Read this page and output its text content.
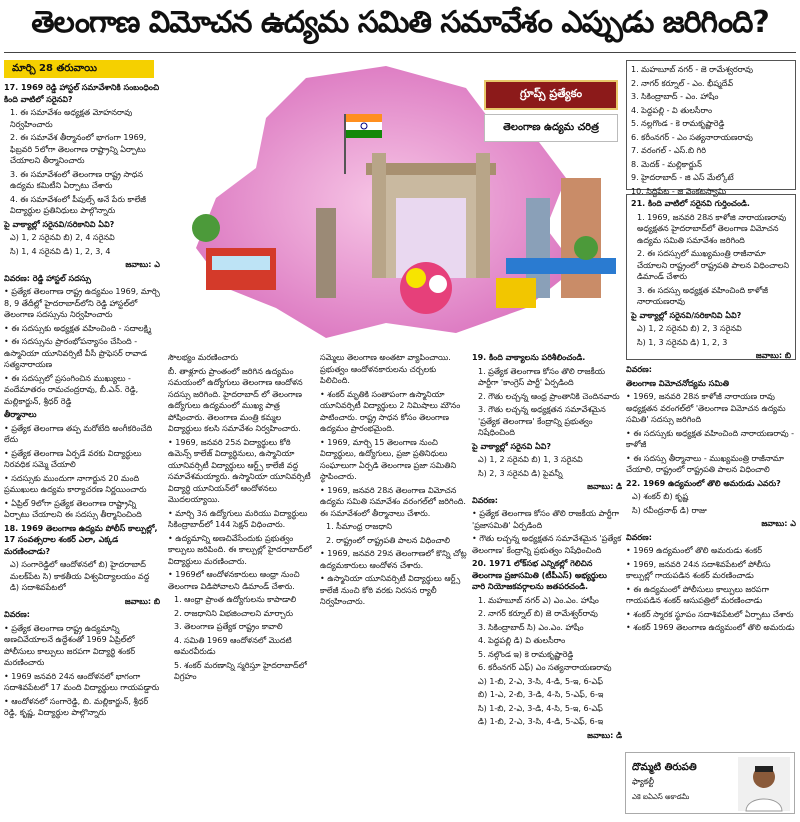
తెలంగాణ విమోచన ఉద్యమ సమితి సమావేశం ఎప్పుడు జరిగింది?
మార్చి 28 తరువాయి

17. 1969 రెడ్డి హాస్టల్ సమావేశానికి సంబంధించి కింది వాటిలో సరైనవి?

1. ఈ సమావేశం అధ్యక్షత మోహనరావు నిర్వహించారు

2. ఈ సమావేశ తీర్మానంలో భాగంగా 1969, ఫిబ్రవరి 5లోగా తెలంగాణ రాష్ట్రాన్ని ఏర్పాటు చేయాలని తీర్మానించారు

3. ఈ సమావేశంలో తెలంగాణ రాష్ట్ర సాధన ఉద్యమ కమిటీని ఏర్పాటు చేశారు

4. ఈ సమావేశంలో పీపుల్స్ అనే పేరు కాలేజీ విద్యార్థుల ప్రతినిధులు పాల్గొన్నారు

పై వాక్యాల్లో సరైనవి/సరికానివి ఏవి?

ఎ) 1, 2 సరైనవి బి) 2, 4 సరైనవి

సి) 1, 4 సరైనవి డి) 1, 2, 3, 4

జవాబు: ఎ

వివరణ: రెడ్డి హాస్టల్ సదస్సు

• ప్రత్యేక తెలంగాణ రాష్ట్ర ఉద్యమం 1969, మార్చి 8, 9 తేదీల్లో హైదరాబాద్‌లోని రెడ్డి హాస్టల్‌లో తెలంగాణ సదస్సును నిర్వహించారు

• ఈ సదస్సుకు అధ్యక్షత వహించింది - సదాలక్ష్మి

• ఈ సదస్సును ప్రారంభోపన్యాసం చేసింది - ఉస్మానియా యూనివర్సిటీ వీసీ ప్రొఫెసర్ రావాడ సత్యనారాయణ

• ఈ సదస్సులో ప్రసంగించిన ముఖ్యులు - వందేమాతరం రామచంద్రరావు, బీ.ఎన్. రెడ్డి, మల్లికార్జున్, శ్రీధర్ రెడ్డి

తీర్మానాలు

• ప్రత్యేక తెలంగాణ తప్ప మరోటేది అంగీకరించేది లేదు

• ప్రత్యేక తెలంగాణ ఏర్పడే వరకు విద్యార్థులు నిరవధిక సమ్మె చేయాలి

• సదస్సుకు ముందుగా నాగార్జున 20 మంది ప్రముఖులు ఉద్యమ కార్యాచరణ నిర్ణయించారు

• ఏప్రిల్ 9లోగా ప్రత్యేక తెలంగాణ రాష్ట్రాన్ని ఏర్పాటు చేయాలని ఈ సదస్సు తీర్మానించింది

18. 1969 తెలంగాణ ఉద్యమ పోలీస్ కాల్పుల్లో, 17 సంవత్సరాల శంకర్ ఎలా, ఎక్కడ మరణించాడు?

ఎ) సంగారెడ్డిలో ఆందోళనలో బి) హైదరాబాద్ మలక్‌పేట సి) కాకతీయ విశ్వవిద్యాలయం వద్ద డి) సదాశివపేటలో

జవాబు: బి

వివరణ:

• ప్రత్యేక తెలంగాణ రాష్ట్ర ఉద్యమాన్ని అణచివేయాలనే ఉద్దేశంతో 1969 ఏప్రిల్‌లో పోలీసులు కాల్పులు జరపగా విద్యార్థి శంకర్ మరణించారు

• 1969 జనవరి 24న ఆందోళనలో భాగంగా సదాశివపేటలో 17 మంది విద్యార్థులు గాయపడ్డారు

• ఆందోళనలో సంగారెడ్డి, బి. మల్లికార్జున్, శ్రీధర్ రెడ్డి, కృష్ణ, విద్యార్థుల పాల్గొన్నారు

గ్రూప్స్ ప్రత్యేకం
తెలంగాణ ఉద్యమ చరిత్ర

సౌలభ్యం మరణించారు

బీ. తాళ్లూరు ప్రాంతంలో జరిగిన ఉద్యమం సమయంలో ఉద్యోగులు తెలంగాణ ఆందోళన సదస్సు జరిగింది. హైదరాబాద్ లో తెలంగాణ ఉద్యోగులు ఉద్యమంలో ముఖ్య పాత్ర పోషించారు. తెలంగాణ మంత్రి కమ్మల విద్యార్థులు కలసి సమావేశం నిర్వహించారు.

• 1969, జనవరి 25న విద్యార్థులు కోఠి ఉమెన్స్ కాలేజ్ విద్యార్థినులు, ఉస్మానియా యూనివర్సిటీ విద్యార్థులు ఆర్ట్స్ కాలేజీ వద్ద సమావేశమయ్యారు. ఉస్మానియా యూనివర్సిటీ విద్యార్థి యూనియన్‌లో ఆందోళనలు మొదలయ్యాయి.

• మార్చి 3న ఉద్యోగులు మరియు విద్యార్థులు సికింద్రాబాద్‌లో 144 సెక్షన్ విధించారు.

• ఉద్యమాన్ని అణచివేసేందుకు ప్రభుత్వం కాల్పులు జరిపింది. ఈ కాల్పుల్లో హైదరాబాద్‌లో విద్యార్థులు మరణించారు.

• 1969లో ఆందోళనకారులు ఆంధ్రా నుంచి తెలంగాణ విడిపోవాలని డిమాండ్ చేశారు.

1. ఆంధ్రా ప్రాంత ఉద్యోగులను కాపాడాలి

2. రాజధానిని విభజించాలని మార్చారు

3. తెలంగాణ ప్రత్యేక రాష్ట్రం కావాలి

4. సమితి 1969 ఆందోళనలో మొదటి అమరవీరుడు

5. శంకర్ మరణాన్ని స్మరిస్తూ హైదరాబాద్‌లో విగ్రహం

సమ్మెలు తెలంగాణ అంతటా వ్యాపించాయి. ప్రభుత్వం ఆందోళనకారులను చర్చలకు పిలిచింది.

• శంకర్ మృతికి సంతాపంగా ఉస్మానియా యూనివర్సిటీ విద్యార్థులు 2 నిమిషాలు మౌనం పాటించారు. రాష్ట్ర సాధన కోసం తెలంగాణ ఉద్యమం ప్రారంభమైంది.

• 1969, మార్చి 15 తెలంగాణ నుంచి విద్యార్థులు, ఉద్యోగులు, ప్రజా ప్రతినిధులు సంఘాలుగా ఏర్పడి తెలంగాణ ప్రజా సమితిని స్థాపించారు.

• 1969, జనవరి 28న తెలంగాణ విమోచన ఉద్యమ సమితి సమావేశం వరంగల్‌లో జరిగింది. ఈ సమావేశంలో తీర్మానాలు చేశారు.

1. సీమాంధ్ర రాజధాని

2. రాష్ట్రంలో రాష్ట్రపతి పాలన విధించాలి

• 1969, జనవరి 29న తెలంగాణలో కొన్ని చోట్ల ఉద్యమకారులు ఆందోళన చేశారు.

• ఉస్మానియా యూనివర్సిటీ విద్యార్థులు ఆర్ట్స్ కాలేజీ నుంచి కోఠి వరకు నిరసన ర్యాలీ నిర్వహించారు.

19. కింది వాక్యాలను పరిశీలించండి.

1. ప్రత్యేక తెలంగాణ కోసం తొలి రాజకీయ పార్టీగా 'కాంగ్రెస్ పార్టీ' ఏర్పడింది

2. గౌతు లచ్చన్న ఆంధ్ర ప్రాంతానికి చెందినవారు

3. గౌతు లచ్చన్న అధ్యక్షతన సమావేశమైన 'ప్రత్యేక తెలంగాణ' కేంద్రాన్ని ప్రభుత్వం నిషేధించింది

పై వాక్యాల్లో సరైనవి ఏవి?

ఎ) 1, 2 సరైనవి బి) 1, 3 సరైనవి

సి) 2, 3 సరైనవి డి) పైవన్నీ

జవాబు: డి

వివరణ:

• ప్రత్యేక తెలంగాణ కోసం తొలి రాజకీయ పార్టీగా 'ప్రజాసమితి' ఏర్పడింది

• గౌతు లచ్చన్న అధ్యక్షతన సమావేశమైన 'ప్రత్యేక తెలంగాణ' కేంద్రాన్ని ప్రభుత్వం నిషేధించింది

20. 1971 లోక్‌సభ ఎన్నికల్లో గెలిచిన తెలంగాణ ప్రజాసమితి (టీపీఎస్) అభ్యర్థులు వారి నియోజకవర్గాలను జతపరచండి.

1. మహబూబ్ నగర్ ఎ) ఎం.ఎం. హాషీం

2. నాగర్ కర్నూల్ బి) జె రామేశ్వర్‌రావు

3. సికింద్రాబాద్ సి) ఎం.ఎం. హాషీం

4. పెద్దపల్లి డి) వి తులసీరాం

5. నల్గొండ ఇ) కె రామకృష్ణారెడ్డి

6. కరీంనగర్ ఎఫ్) ఎం సత్యనారాయణరావు

ఎ) 1-బి, 2-ఎ, 3-సి, 4-డి, 5-ఇ, 6-ఎఫ్

బి) 1-ఎ, 2-బి, 3-డి, 4-సి, 5-ఎఫ్, 6-ఇ

సి) 1-బి, 2-ఎ, 3-డి, 4-సి, 5-ఇ, 6-ఎఫ్

డి) 1-బి, 2-ఎ, 3-సి, 4-డి, 5-ఎఫ్, 6-ఇ

జవాబు: డి

1. మహబూబ్ నగర్ - జె రామేశ్వరరావు

2. నాగర్ కర్నూల్ - ఎం. భీష్మదేవ్

3. సికింద్రాబాద్ - ఎం. హాషీం

4. పెద్దపల్లి - వి తులసీరాం

5. నల్లగొండ - కె రామకృష్ణారెడ్డి

6. కరీంనగర్ - ఎం సత్యనారాయణరావు

7. వరంగల్ - ఎస్.బి గిరి

8. మెదక్ - మల్లికార్జున్

9. హైదరాబాద్ - జి ఎస్ మేల్కోటే

10. సిద్దిపేట - జి వెంకటస్వామి

21. కింది వాటిలో సరైనవి గుర్తించండి.

1. 1969, జనవరి 28న కాళోజి నారాయణరావు అధ్యక్షతన హైదరాబాద్‌లో తెలంగాణ విమోచన ఉద్యమ సమితి సమావేశం జరిగింది

2. ఈ సదస్సులో ముఖ్యమంత్రి రాజీనామా చేయాలని రాష్ట్రంలో రాష్ట్రపతి పాలన విధించాలని డిమాండ్ చేశారు

3. ఈ సదస్సు అధ్యక్షత వహించింది కాళోజీ నారాయణరావు

పై వాక్యాల్లో సరైనవి/సరికానివి ఏవి?

ఎ) 1, 2 సరైనవి బి) 2, 3 సరైనవి

సి) 1, 3 సరైనవి డి) 1, 2, 3

జవాబు: బి

వివరణ:

తెలంగాణ విమోచనోద్యమ సమితి

• 1969, జనవరి 28న కాళోజీ నారాయణ రావు అధ్యక్షతన వరంగల్‌లో 'తెలంగాణ విమోచన ఉద్యమ సమితి' సదస్సు జరిగింది

• ఈ సదస్సుకు అధ్యక్షత వహించింది నారాయణరావు - కాళోజీ

• ఈ సదస్సు తీర్మానాలు - ముఖ్యమంత్రి రాజీనామా చేయాలి, రాష్ట్రంలో రాష్ట్రపతి పాలన విధించాలి

22. 1969 ఉద్యమంలో తొలి అమరుడు ఎవరు?

ఎ) శంకర్ బి) కృష్ణ

సి) రవీంద్రనాథ్ డి) రాజు

జవాబు: ఎ

వివరణ:

• 1969 ఉద్యమంలో తొలి అమరుడు శంకర్

• 1969, జనవరి 24న సదాశివపేటలో పోలీసు కాల్పుల్లో గాయపడిన శంకర్ మరణించాడు

• ఈ ఉద్యమంలో పోలీసులు కాల్పులు జరపగా గాయపడిన శంకర్ ఆసుపత్రిలో మరణించాడు

• శంకర్ స్మారక స్థూపం సదాశివపేటలో ఏర్పాటు చేశారు

• శంకర్ 1969 తెలంగాణ ఉద్యమంలో తొలి అమరుడు

దొమ్మటి తిరుపతి
ఫ్యాకల్టీ
ఎకె ఐఏఎస్ అకాడమీ
